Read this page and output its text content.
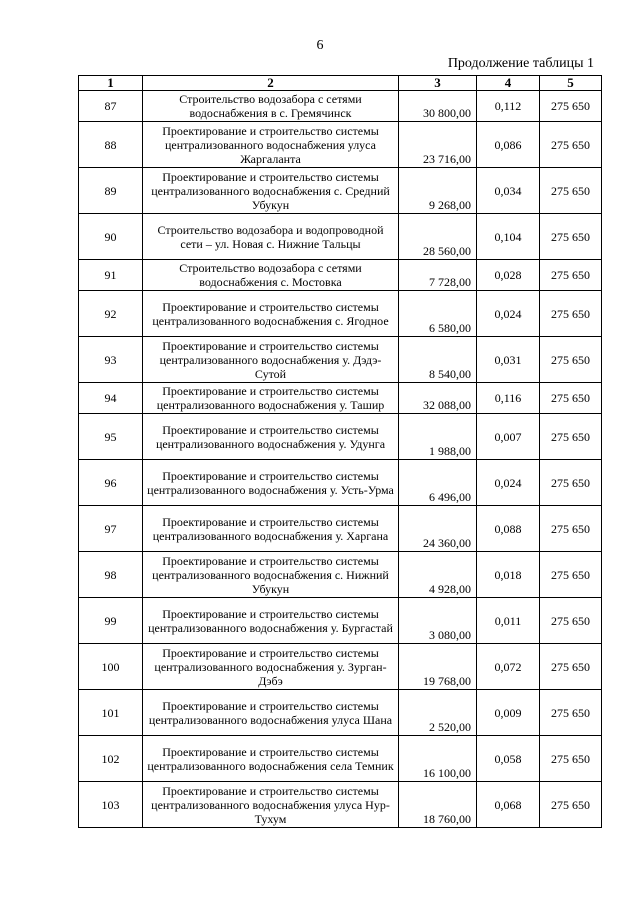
6
Продолжение таблицы 1
1	2	3	4	5
87	Строительство водозабора с сетями водоснабжения в с. Гремячинск	30 800,00	0,112	275 650
88	Проектирование и строительство системы централизованного водоснабжения улуса Жаргаланта	23 716,00	0,086	275 650
89	Проектирование и строительство системы централизованного водоснабжения с. Средний Убукун	9 268,00	0,034	275 650
90	Строительство водозабора и водопроводной сети – ул. Новая с. Нижние Тальцы	28 560,00	0,104	275 650
91	Строительство водозабора с сетями водоснабжения с. Мостовка	7 728,00	0,028	275 650
92	Проектирование и строительство системы централизованного водоснабжения с. Ягодное	6 580,00	0,024	275 650
93	Проектирование и строительство системы централизованного водоснабжения у. Дэдэ-Сутой	8 540,00	0,031	275 650
94	Проектирование и строительство системы централизованного водоснабжения у. Ташир	32 088,00	0,116	275 650
95	Проектирование и строительство системы централизованного водоснабжения у. Удунга	1 988,00	0,007	275 650
96	Проектирование и строительство системы централизованного водоснабжения у. Усть-Урма	6 496,00	0,024	275 650
97	Проектирование и строительство системы централизованного водоснабжения у. Харгана	24 360,00	0,088	275 650
98	Проектирование и строительство системы централизованного водоснабжения с. Нижний Убукун	4 928,00	0,018	275 650
99	Проектирование и строительство системы централизованного водоснабжения у. Бургастай	3 080,00	0,011	275 650
100	Проектирование и строительство системы централизованного водоснабжения у. Зурган-Дэбэ	19 768,00	0,072	275 650
101	Проектирование и строительство системы централизованного водоснабжения улуса Шана	2 520,00	0,009	275 650
102	Проектирование и строительство системы централизованного водоснабжения села Темник	16 100,00	0,058	275 650
103	Проектирование и строительство системы централизованного водоснабжения улуса Нур-Тухум	18 760,00	0,068	275 650
